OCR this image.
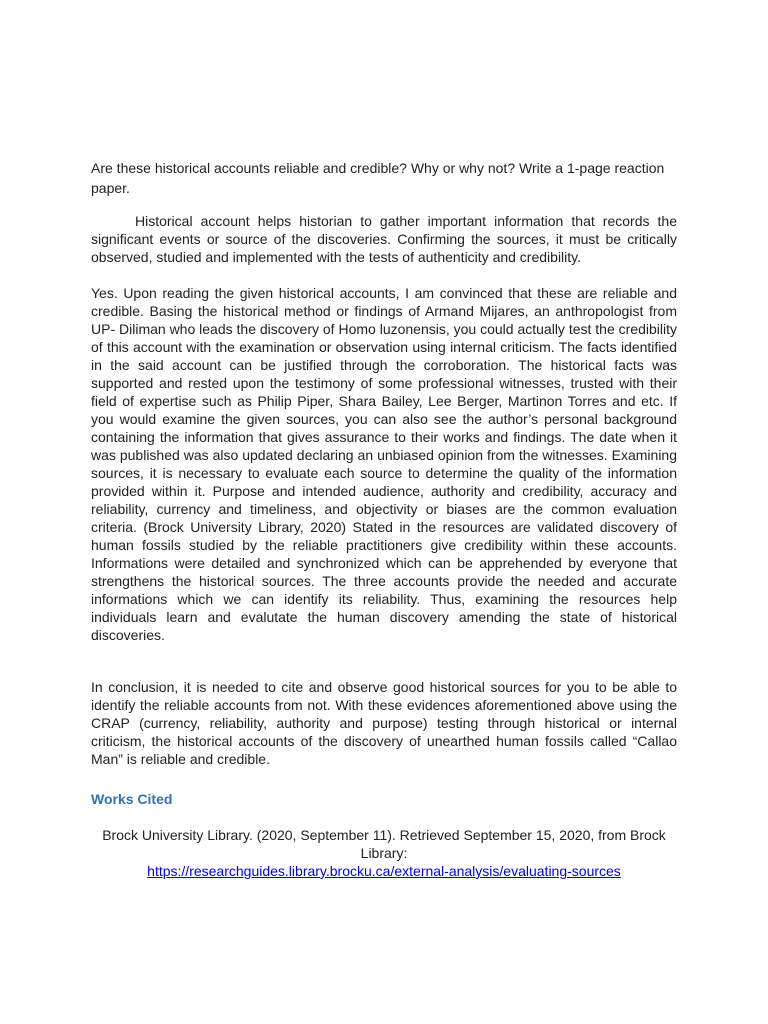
Are these historical accounts reliable and credible? Why or why not? Write a 1-page reaction paper.

Historical account helps historian to gather important information that records the significant events or source of the discoveries. Confirming the sources, it must be critically observed, studied and implemented with the tests of authenticity and credibility.

Yes. Upon reading the given historical accounts, I am convinced that these are reliable and credible. Basing the historical method or findings of Armand Mijares, an anthropologist from UP- Diliman who leads the discovery of Homo luzonensis, you could actually test the credibility of this account with the examination or observation using internal criticism. The facts identified in the said account can be justified through the corroboration. The historical facts was supported and rested upon the testimony of some professional witnesses, trusted with their field of expertise such as Philip Piper, Shara Bailey, Lee Berger, Martinon Torres and etc. If you would examine the given sources, you can also see the author’s personal background containing the information that gives assurance to their works and findings. The date when it was published was also updated declaring an unbiased opinion from the witnesses. Examining sources, it is necessary to evaluate each source to determine the quality of the information provided within it. Purpose and intended audience, authority and credibility, accuracy and reliability, currency and timeliness, and objectivity or biases are the common evaluation criteria. (Brock University Library, 2020) Stated in the resources are validated discovery of human fossils studied by the reliable practitioners give credibility within these accounts. Informations were detailed and synchronized which can be apprehended by everyone that strengthens the historical sources. The three accounts provide the needed and accurate informations which we can identify its reliability. Thus, examining the resources help individuals learn and evalutate the human discovery amending the state of historical discoveries.

In conclusion, it is needed to cite and observe good historical sources for you to be able to identify the reliable accounts from not. With these evidences aforementioned above using the CRAP (currency, reliability, authority and purpose) testing through historical or internal criticism, the historical accounts of the discovery of unearthed human fossils called “Callao Man” is reliable and credible.

Works Cited
Brock University Library. (2020, September 11). Retrieved September 15, 2020, from Brock Library:
https://researchguides.library.brocku.ca/external-analysis/evaluating-sources
